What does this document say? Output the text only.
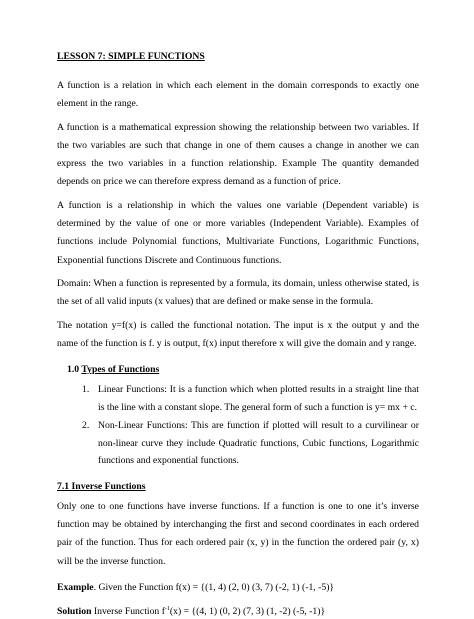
LESSON 7: SIMPLE FUNCTIONS

A function is a relation in which each element in the domain corresponds to exactly one element in the range.

A function is a mathematical expression showing the relationship between two variables. If the two variables are such that change in one of them causes a change in another we can express the two variables in a function relationship. Example The quantity demanded depends on price we can therefore express demand as a function of price.

A function is a relationship in which the values one variable (Dependent variable) is determined by the value of one or more variables (Independent Variable). Examples of functions include Polynomial functions, Multivariate Functions, Logarithmic Functions, Exponential functions Discrete and Continuous functions.

Domain: When a function is represented by a formula, its domain, unless otherwise stated, is the set of all valid inputs (x values) that are defined or make sense in the formula.

The notation y=f(x) is called the functional notation. The input is x the output y and the name of the function is f. y is output, f(x) input therefore x will give the domain and y range.

1.0 Types of Functions
1. Linear Functions: It is a function which when plotted results in a straight line that is the line with a constant slope. The general form of such a function is y= mx + c.
2. Non-Linear Functions: This are function if plotted will result to a curvilinear or non-linear curve they include Quadratic functions, Cubic functions, Logarithmic functions and exponential functions.
7.1 Inverse Functions

Only one to one functions have inverse functions. If a function is one to one it’s inverse function may be obtained by interchanging the first and second coordinates in each ordered pair of the function. Thus for each ordered pair (x, y) in the function the ordered pair (y, x) will be the inverse function.

Example. Given the Function f(x) = {(1, 4) (2, 0) (3, 7) (-2, 1) (-1, -5)}
Solution Inverse Function $f^{-1}(x) = \{(4$, 1) (0, 2) (7, 3) (1, -2) (-5, -1)}
